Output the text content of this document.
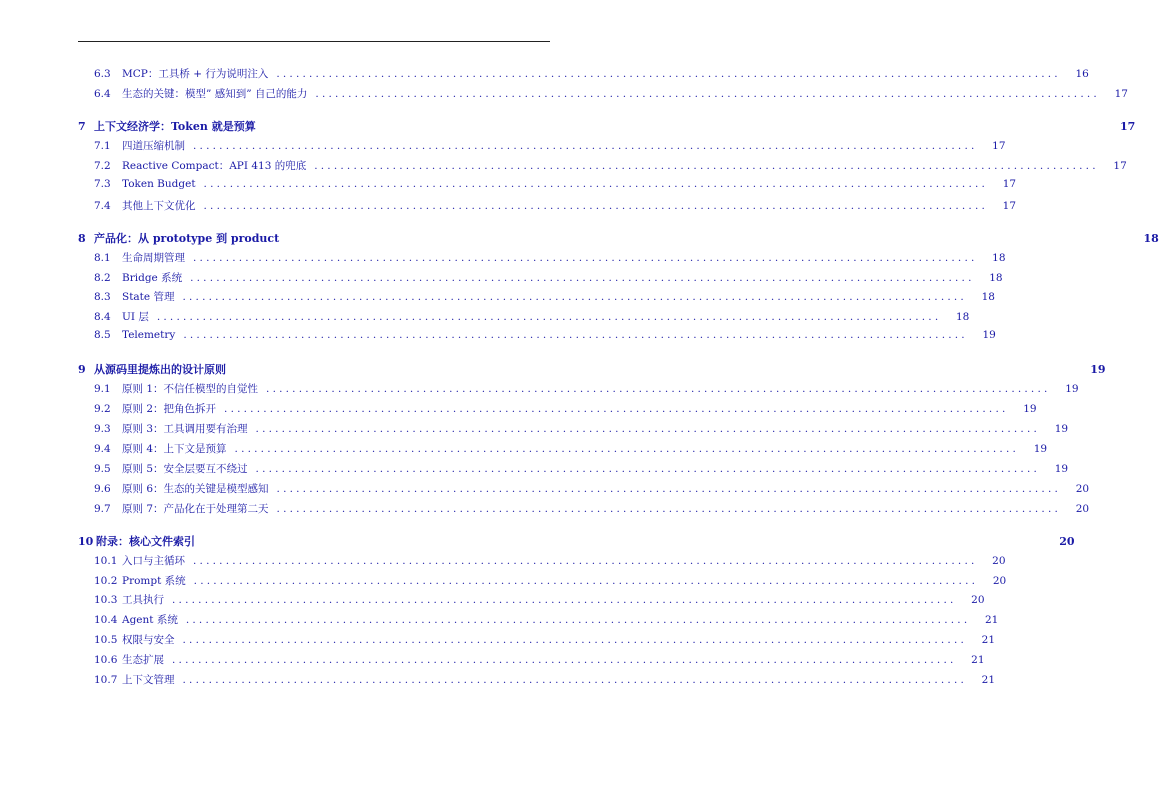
6.3	MCP：工具桥 + 行为说明注入 ........................................................................................................................	16
6.4	生态的关键：模型” 感知到” 自己的能力 ........................................................................................................................	17
7 上下文经济学：Token 就是预算	17
7.1	四道压缩机制 ........................................................................................................................	17
7.2	Reactive Compact：API 413 的兜底 ........................................................................................................................	17
7.3	Token Budget ........................................................................................................................	17
7.4	其他上下文优化 ........................................................................................................................	17
8 产品化：从 prototype 到 product	18
8.1	生命周期管理 ........................................................................................................................	18
8.2	Bridge 系统 ........................................................................................................................	18
8.3	State 管理 ........................................................................................................................	18
8.4	UI 层 ........................................................................................................................	18
8.5	Telemetry ........................................................................................................................	19
9 从源码里提炼出的设计原则	19
9.1	原则 1：不信任模型的自觉性 ........................................................................................................................	19
9.2	原则 2：把角色拆开 ........................................................................................................................	19
9.3	原则 3：工具调用要有治理 ........................................................................................................................	19
9.4	原则 4：上下文是预算 ........................................................................................................................	19
9.5	原则 5：安全层要互不绕过 ........................................................................................................................	19
9.6	原则 6：生态的关键是模型感知 ........................................................................................................................	20
9.7	原则 7：产品化在于处理第二天 ........................................................................................................................	20
10 附录：核心文件索引	20
10.1 入口与主循环 ........................................................................................................................	20
10.2 Prompt 系统 ........................................................................................................................	20
10.3 工具执行 ........................................................................................................................	20
10.4 Agent 系统 ........................................................................................................................	21
10.5 权限与安全 ........................................................................................................................	21
10.6 生态扩展 ........................................................................................................................	21
10.7 上下文管理 ........................................................................................................................	21
